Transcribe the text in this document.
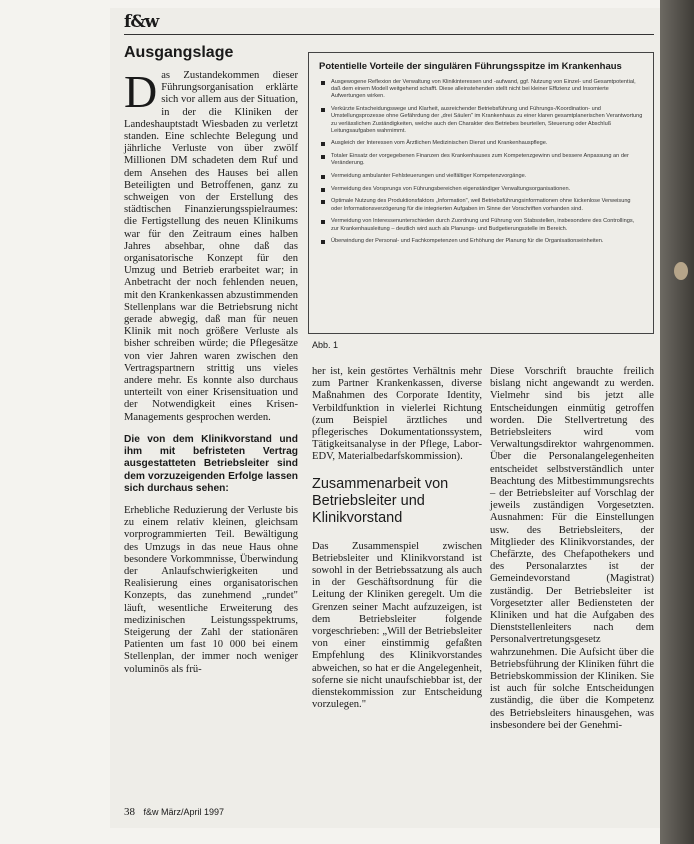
f&w
Ausgangslage

Das Zustandekommen dieser Führungsorganisation erklärte sich vor allem aus der Situation, in der die Kliniken der Landeshauptstadt Wiesbaden zu verletzt standen. Eine schlechte Belegung und jährliche Verluste von über zwölf Millionen DM schadeten dem Ruf und dem Ansehen des Hauses bei allen Beteiligten und Betroffenen, ganz zu schweigen von der Erstellung des städtischen Finanzierungsspielraumes: die Fertigstellung des neuen Klinikums war für den Zeitraum eines halben Jahres absehbar, ohne daß das organisatorische Konzept für den Umzug und Betrieb erarbeitet war; in Anbetracht der noch fehlenden neuen, mit den Krankenkassen abzustimmenden Stellenplans war die Betriebsrung nicht gerade abwegig, daß man für neuen Klinik mit noch größere Verluste als bisher schreiben würde; die Pflegesätze von vier Jahren waren zwischen den Vertragspartnern strittig uns vieles andere mehr. Es konnte also durchaus unterteilt von einer Krisensituation und der Notwendigkeit eines Krisen-Managements gesprochen werden.

Die von dem Klinikvorstand und ihm mit befristeten Vertrag ausgestatteten Betriebsleiter sind dem vorzuzeigenden Erfolge lassen sich durchaus sehen:

Erhebliche Reduzierung der Verluste bis zu einem relativ kleinen, gleichsam vorprogrammierten Teil. Bewältigung des Umzugs in das neue Haus ohne besondere Vorkommnisse, Überwindung der Anlaufschwierigkeiten und Realisierung eines organisatorischen Konzepts, das zunehmend „rundet" läuft, wesentliche Erweiterung des medizinischen Leistungsspektrums, Steigerung der Zahl der stationären Patienten um fast 10 000 bei einem Stellenplan, der immer noch weniger voluminös als frü-

Potentielle Vorteile der singulären Führungsspitze im Krankenhaus
Ausgewogene Reflexion der Verwaltung von Klinikinteressen und -aufwand, ggf. Nutzung von Einzel- und Gesamtpotential, daß dem einem Modell weitgehend schafft. Diese alleinstehenden stellt nicht bei kleiner Effizienz und Insomierte Aufwertungen wirken.
Verkürzte Entscheidungswege und Klarheit, ausreichender Betriebsführung und Führungs-/Koordination- und Umstellungsprozesse ohne Gefährdung der „drei Säulen" im Krankenhaus zu einer klaren gesamtplanerischen Verantwortung zu verlässlichen Zuständigkeiten, welche auch den Charakter des Betriebes beurteilen, Steuerung oder Abschluß Leitungsaufgaben wahrnimmt.
Ausgleich der Interessen vom Ärztlichen Medizinischen Dienst und Krankenhauspflege.
Totaler Einsatz der vorgegebenen Finanzen des Krankenhauses zum Kompetenzgewinn und bessere Anpassung an der Veränderung.
Vermeidung ambulanter Fehlsteuerungen und vielfältiger Kompetenzvorgänge.
Vermeidung des Vorsprungs von Führungsbereichen eigenständiger Verwaltungsorganisationen.
Optimale Nutzung des Produktionsfaktors „Information", weil Betriebsführungsinformationen ohne lückenlose Verweisung oder Informationsverzögerung für die integrierten Aufgaben im Sinne der Vorschriften vorhanden sind.
Vermeidung von Interessenunterschieden durch Zuordnung und Führung von Stabsstellen, insbesondere des Controllings, zur Krankenhausleitung – deutlich wird auch als Planungs- und Budgetierungsstelle im Bereich.
Überwindung der Personal- und Fachkompetenzen und Erhöhung der Planung für die Organisationseinheiten.
Abb. 1

her ist, kein gestörtes Verhältnis mehr zum Partner Krankenkassen, diverse Maßnahmen des Corporate Identity, Verbildfunktion in vielerlei Richtung (zum Beispiel ärztliches und pflegerisches Dokumentationssystem, Tätigkeitsanalyse in der Pflege, Labor-EDV, Materialbedarfskommission).

Zusammenarbeit von Betriebsleiter und Klinikvorstand

Das Zusammenspiel zwischen Betriebsleiter und Klinikvorstand ist sowohl in der Betriebssatzung als auch in der Geschäftsordnung für die Leitung der Kliniken geregelt. Um die Grenzen seiner Macht aufzuzeigen, ist dem Betriebsleiter folgende vorgeschrieben: „Will der Betriebsleiter von einer einstimmig gefaßten Empfehlung des Klinikvorstandes abweichen, so hat er die Angelegenheit, soferne sie nicht unaufschiebbar ist, der dienstekommission zur Entscheidung vorzulegen."

Diese Vorschrift brauchte freilich bislang nicht angewandt zu werden. Vielmehr sind bis jetzt alle Entscheidungen einmütig getroffen worden. Die Stellvertretung des Betriebsleiters wird vom Verwaltungsdirektor wahrgenommen. Über die Personalangelegenheiten entscheidet selbstverständlich unter Beachtung des Mitbestimmungsrechts – der Betriebsleiter auf Vorschlag der jeweils zuständigen Vorgesetzten. Ausnahmen: Für die Einstellungen usw. des Betriebsleiters, der Mitglieder des Klinikvorstandes, der Chefärzte, des Chefapothekers und des Personalarztes ist der Gemeindevorstand (Magistrat) zuständig. Der Betriebsleiter ist Vorgesetzter aller Bediensteten der Kliniken und hat die Aufgaben des Dienststellenleiters nach dem Personalvertretungsgesetz wahrzunehmen. Die Aufsicht über die Betriebsführung der Kliniken führt die Betriebskommission der Kliniken. Sie ist auch für solche Entscheidungen zuständig, die über die Kompetenz des Betriebsleiters hinausgehen, was insbesondere bei der Genehmi-

38 f&w März/April 1997
